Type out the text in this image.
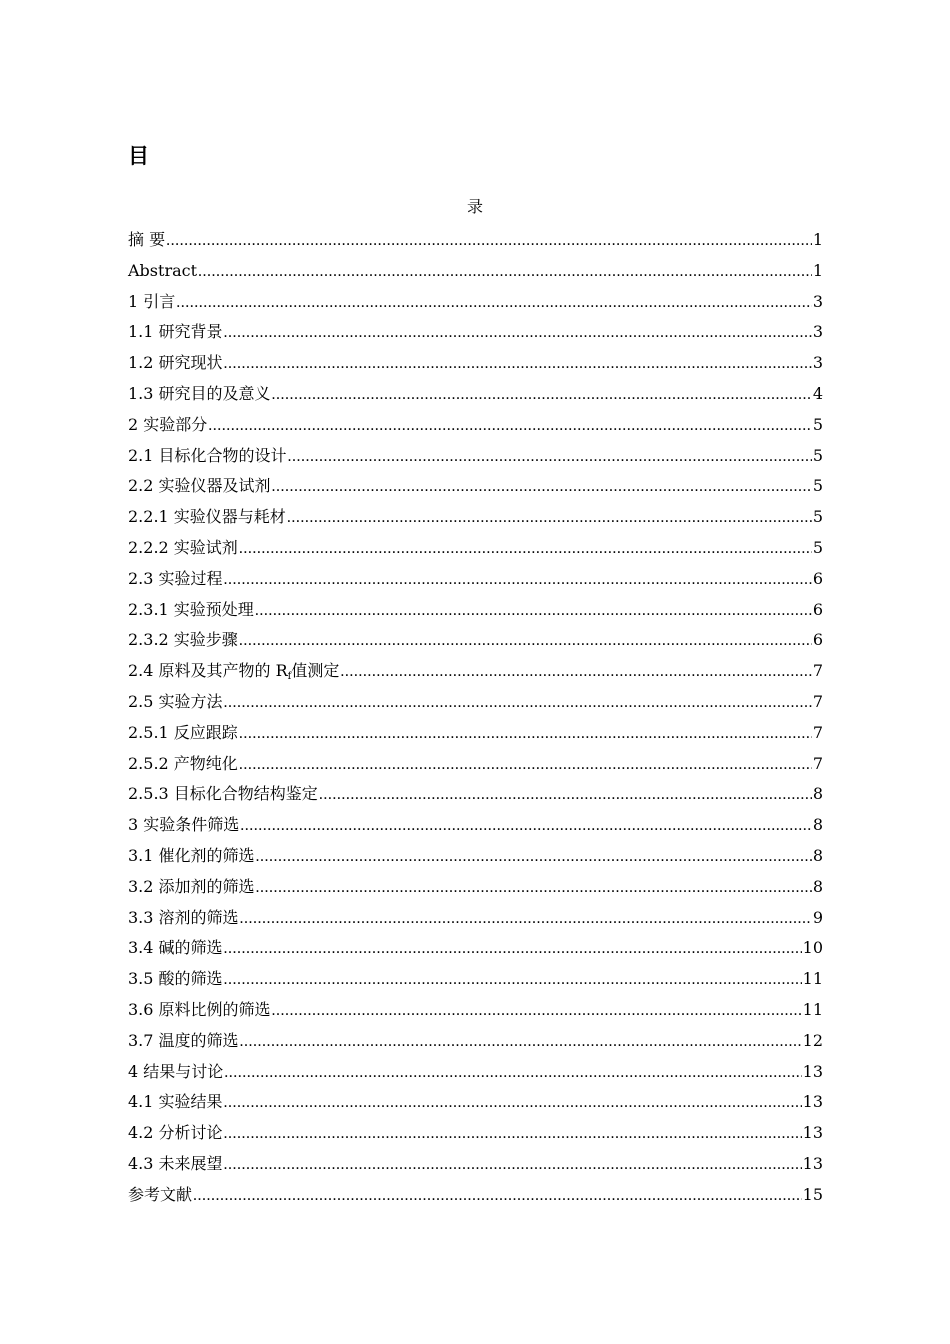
目
录
摘 要 .....	1
Abstract .....	1
1 引言 .....	3
1.1 研究背景 .....	3
1.2 研究现状 .....	3
1.3 研究目的及意义 .....	4
2 实验部分 .....	5
2.1 目标化合物的设计 .....	5
2.2 实验仪器及试剂 .....	5
2.2.1 实验仪器与耗材 .....	5
2.2.2 实验试剂 .....	5
2.3 实验过程 .....	6
2.3.1 实验预处理 .....	6
2.3.2 实验步骤 .....	6
2.4 原料及其产物的 Rf值测定 .....	7
2.5 实验方法 .....	7
2.5.1 反应跟踪 .....	7
2.5.2 产物纯化 .....	7
2.5.3 目标化合物结构鉴定 .....	8
3 实验条件筛选 .....	8
3.1 催化剂的筛选 .....	8
3.2 添加剂的筛选 .....	8
3.3 溶剂的筛选 .....	9
3.4 碱的筛选 .....	10
3.5 酸的筛选 .....	11
3.6 原料比例的筛选 .....	11
3.7 温度的筛选 .....	12
4 结果与讨论 .....	13
4.1 实验结果 .....	13
4.2 分析讨论 .....	13
4.3 未来展望 .....	13
参考文献 .....	15
